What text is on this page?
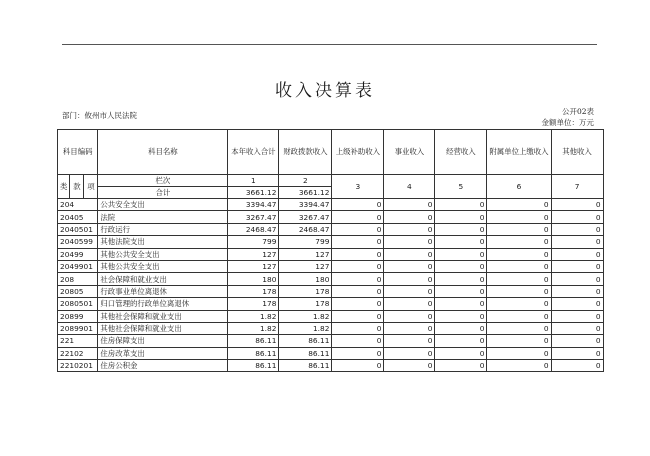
收入决算表
部门：攸州市人民法院	公开02表
金额单位：万元
科目编码			科目名称	本年收入合计	财政拨款收入	上级补助收入	事业收入	经营收入	附属单位上缴收入	其他收入
类	款	项	栏次	1	2	3	4	5	6	7
			合计	3661.12	3661.12					
204			公共安全支出	3394.47	3394.47	0	0	0	0	0
20405			法院	3267.47	3267.47	0	0	0	0	0
2040501			行政运行	2468.47	2468.47	0	0	0	0	0
2040599			其他法院支出	799	799	0	0	0	0	0
20499			其他公共安全支出	127	127	0	0	0	0	0
2049901			其他公共安全支出	127	127	0	0	0	0	0
208			社会保障和就业支出	180	180	0	0	0	0	0
20805			行政事业单位离退休	178	178	0	0	0	0	0
2080501			归口管理的行政单位离退休	178	178	0	0	0	0	0
20899			其他社会保障和就业支出	1.82	1.82	0	0	0	0	0
2089901			其他社会保障和就业支出	1.82	1.82	0	0	0	0	0
221			住房保障支出	86.11	86.11	0	0	0	0	0
22102			住房改革支出	86.11	86.11	0	0	0	0	0
2210201			住房公积金	86.11	86.11	0	0	0	0	0
